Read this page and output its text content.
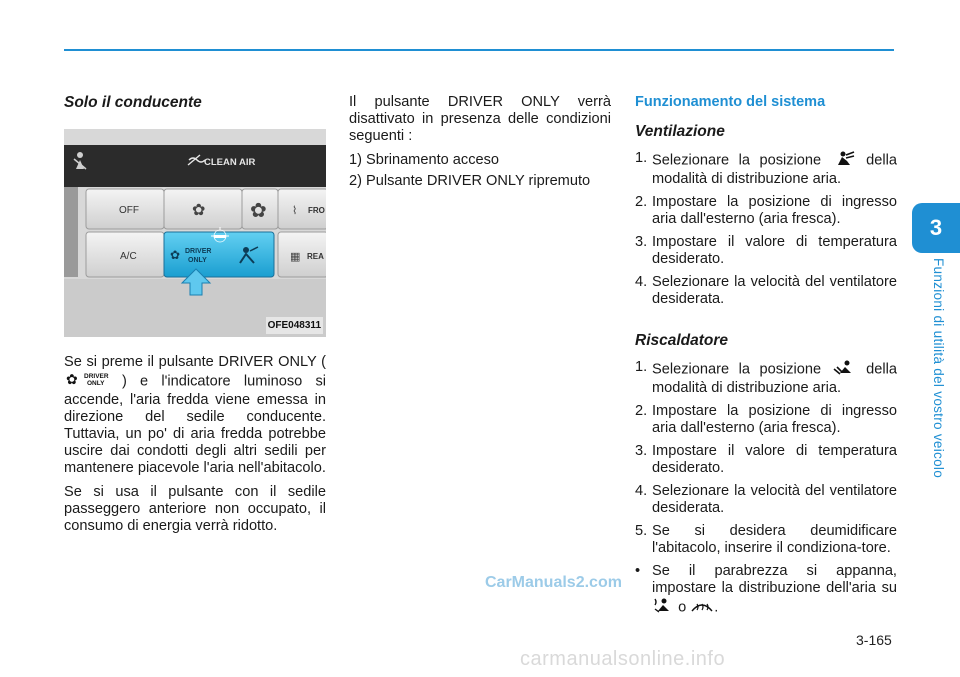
3
Funzioni di utilità del vostro veicolo
Solo il conducente
CLEAN AIR
OFF	✿ ✿ ⌇ FRO
A/C	✿ DRIVER
ONLY	▦ REA
OFE048311

Se si preme il pulsante DRIVER ONLY (
✿ DRIVER
ONLY ) e l'indicatore luminoso si accende, l'aria fredda viene emessa in direzione del sedile conducente. Tuttavia, un po' di aria fredda potrebbe uscire dai condotti degli altri sedili per mantenere piacevole l'aria nell'abitacolo.

Se si usa il pulsante con il sedile passeggero anteriore non occupato, il consumo di energia verrà ridotto.

Il pulsante DRIVER ONLY verrà disattivato in presenza delle condizioni seguenti :

1) Sbrinamento acceso
2) Pulsante DRIVER ONLY ripremuto
Funzionamento del sistema
Ventilazione
1. Selezionare la posizione	della modalità di distribuzione aria.
2. Impostare la posizione di ingresso aria dall'esterno (aria fresca).
3. Impostare il valore di temperatura desiderato.
4. Selezionare la velocità del ventilatore desiderata.
Riscaldatore
1. Selezionare la posizione	della modalità di distribuzione aria.
2. Impostare la posizione di ingresso aria dall'esterno (aria fresca).
3. Impostare il valore di temperatura desiderato.
4. Selezionare la velocità del ventilatore desiderata.
5. Se si desidera deumidificare l'abitacolo, inserire il condiziona-tore.
• Se il parabrezza si appanna, impostare la distribuzione dell'aria su  o .
CarManuals2.com
3-165
carmanualsonline.info
